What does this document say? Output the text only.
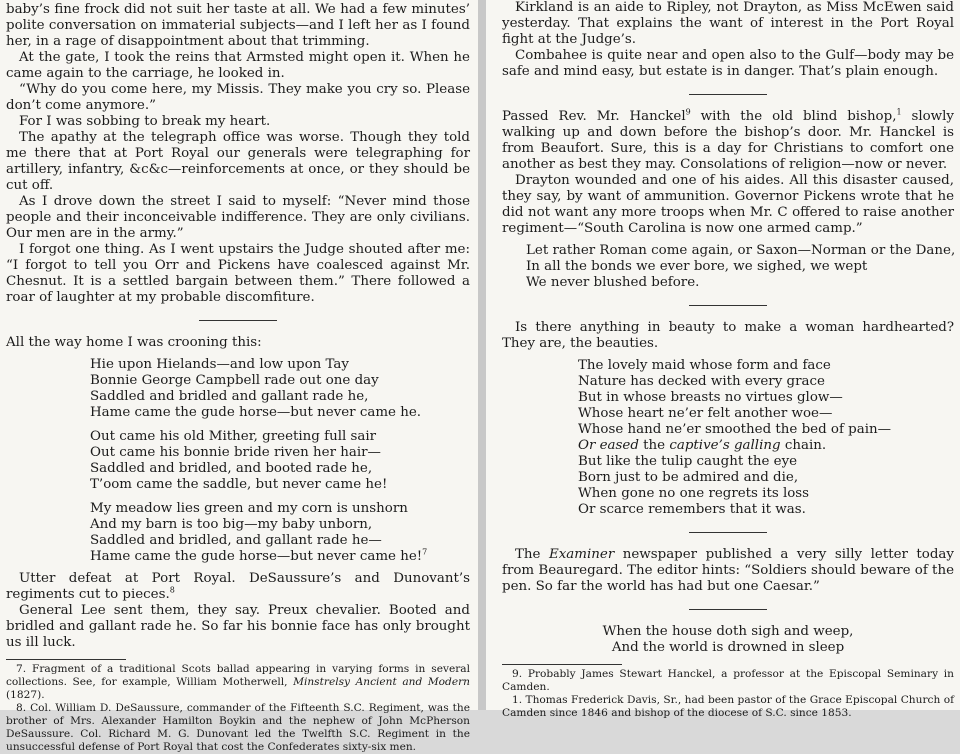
baby’s fine frock did not suit her taste at all. We had a few minutes’ polite conversation on immaterial subjects—and I left her as I found her, in a rage of disappointment about that trimming.

At the gate, I took the reins that Armsted might open it. When he came again to the carriage, he looked in.

“Why do you come here, my Missis. They make you cry so. Please don’t come anymore.”

For I was sobbing to break my heart.

The apathy at the telegraph office was worse. Though they told me there that at Port Royal our generals were telegraphing for artillery, infantry, &c&c—reinforcements at once, or they should be cut off.

As I drove down the street I said to myself: “Never mind those people and their inconceivable indifference. They are only civilians. Our men are in the army.”

I forgot one thing. As I went upstairs the Judge shouted after me: “I forgot to tell you Orr and Pickens have coalesced against Mr. Chesnut. It is a settled bargain between them.” There followed a roar of laughter at my probable discomfiture.

All the way home I was crooning this:

Hie upon Hielands—and low upon Tay
Bonnie George Campbell rade out one day
Saddled and bridled and gallant rade he,
Hame came the gude horse—but never came he.
Out came his old Mither, greeting full sair
Out came his bonnie bride riven her hair—
Saddled and bridled, and booted rade he,
T’oom came the saddle, but never came he!
My meadow lies green and my corn is unshorn
And my barn is too big—my baby unborn,
Saddled and bridled, and gallant rade he—
Hame came the gude horse—but never came he!$^7$

Utter defeat at Port Royal. DeSaussure’s and Dunovant’s regiments cut to pieces.$^8$

General Lee sent them, they say. Preux chevalier. Booted and bridled and gallant rade he. So far his bonnie face has only brought us ill luck.

7. Fragment of a traditional Scots ballad appearing in varying forms in several collections. See, for example, William Motherwell, Minstrelsy Ancient and Modern (1827).

8. Col. William D. DeSaussure, commander of the Fifteenth S.C. Regiment, was the brother of Mrs. Alexander Hamilton Boykin and the nephew of John McPherson DeSaussure. Col. Richard M. G. Dunovant led the Twelfth S.C. Regiment in the unsuccessful defense of Port Royal that cost the Confederates sixty-six men.

Kirkland is an aide to Ripley, not Drayton, as Miss McEwen said yesterday. That explains the want of interest in the Port Royal fight at the Judge’s.

Combahee is quite near and open also to the Gulf—body may be safe and mind easy, but estate is in danger. That’s plain enough.

Passed Rev. Mr. Hanckel$^9$ with the old blind bishop,$^1$ slowly walking up and down before the bishop’s door. Mr. Hanckel is from Beaufort. Sure, this is a day for Christians to comfort one another as best they may. Consolations of religion—now or never.

Drayton wounded and one of his aides. All this disaster caused, they say, by want of ammunition. Governor Pickens wrote that he did not want any more troops when Mr. C offered to raise another regiment—“South Carolina is now one armed camp.”

Let rather Roman come again, or Saxon—Norman or the Dane,
In all the bonds we ever bore, we sighed, we wept
We never blushed before.

Is there anything in beauty to make a woman hardhearted? They are, the beauties.

The lovely maid whose form and face
Nature has decked with every grace
But in whose breasts no virtues glow—
Whose heart ne’er felt another woe—
Whose hand ne’er smoothed the bed of pain—
Or eased the captive’s galling chain.
But like the tulip caught the eye
Born just to be admired and die,
When gone no one regrets its loss
Or scarce remembers that it was.

The Examiner newspaper published a very silly letter today from Beauregard. The editor hints: “Soldiers should beware of the pen. So far the world has had but one Caesar.”

When the house doth sigh and weep,
And the world is drowned in sleep

9. Probably James Stewart Hanckel, a professor at the Episcopal Seminary in Camden.

1. Thomas Frederick Davis, Sr., had been pastor of the Grace Episcopal Church of Camden since 1846 and bishop of the diocese of S.C. since 1853.
